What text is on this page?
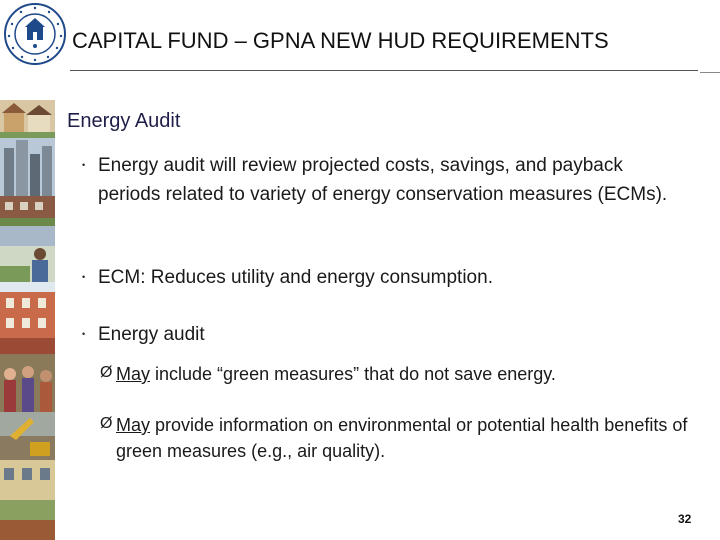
CAPITAL FUND – GPNA NEW HUD REQUIREMENTS
Energy Audit
• Energy audit will review projected costs, savings, and payback periods related to variety of energy conservation measures (ECMs).
• ECM: Reduces utility and energy consumption.
• Energy audit
Ø May include “green measures” that do not save energy.
Ø May provide information on environmental or potential health benefits of green measures (e.g., air quality).
32
